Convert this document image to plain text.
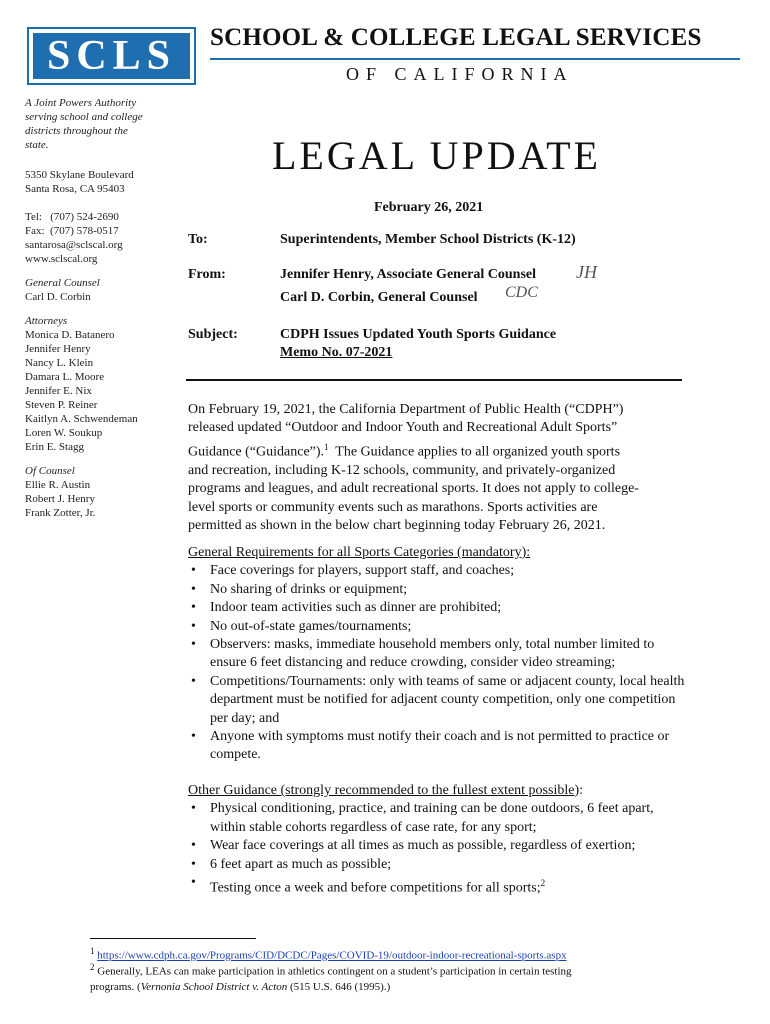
SCLS	SCHOOL & COLLEGE LEGAL SERVICES
OF CALIFORNIA
A Joint Powers Authority
serving school and college
districts throughout the
state.
5350 Skylane Boulevard
Santa Rosa, CA 95403
Tel:   (707) 524-2690
Fax:  (707) 578-0517
santarosa@sclscal.org
www.sclscal.org
General Counsel
Carl D. Corbin
Attorneys
Monica D. Batanero
Jennifer Henry
Nancy L. Klein
Damara L. Moore
Jennifer E. Nix
Steven P. Reiner
Kaitlyn A. Schwendeman
Loren W. Soukup
Erin E. Stagg
Of Counsel
Ellie R. Austin
Robert J. Henry
Frank Zotter, Jr.
LEGAL UPDATE
February 26, 2021
To:	Superintendents, Member School Districts (K-12)
From:	Jennifer Henry, Associate General Counsel JH
Carl D. Corbin, General Counsel CDC
Subject:	CDPH Issues Updated Youth Sports Guidance
Memo No. 07-2021
On February 19, 2021, the California Department of Public Health (“CDPH”)
released updated “Outdoor and Indoor Youth and Recreational Adult Sports”
Guidance (“Guidance”).$^1$  The Guidance applies to all organized youth sports
and recreation, including K-12 schools, community, and privately-organized
programs and leagues, and adult recreational sports. It does not apply to college-
level sports or community events such as marathons. Sports activities are
permitted as shown in the below chart beginning today February 26, 2021.
General Requirements for all Sports Categories (mandatory):
• Face coverings for players, support staff, and coaches;
• No sharing of drinks or equipment;
• Indoor team activities such as dinner are prohibited;
• No out-of-state games/tournaments;
• Observers: masks, immediate household members only, total number limited to ensure 6 feet distancing and reduce crowding, consider video streaming;
• Competitions/Tournaments: only with teams of same or adjacent county, local health department must be notified for adjacent county competition, only one competition per day; and
• Anyone with symptoms must notify their coach and is not permitted to practice or compete.
Other Guidance (strongly recommended to the fullest extent possible):
• Physical conditioning, practice, and training can be done outdoors, 6 feet apart, within stable cohorts regardless of case rate, for any sport;
• Wear face coverings at all times as much as possible, regardless of exertion;
• 6 feet apart as much as possible;
• Testing once a week and before competitions for all sports;$^2$
$^1$ https://www.cdph.ca.gov/Programs/CID/DCDC/Pages/COVID-19/outdoor-indoor-recreational-sports.aspx
$^2$ Generally, LEAs can make participation in athletics contingent on a student’s participation in certain testing
programs. (Vernonia School District v. Acton (515 U.S. 646 (1995).)
